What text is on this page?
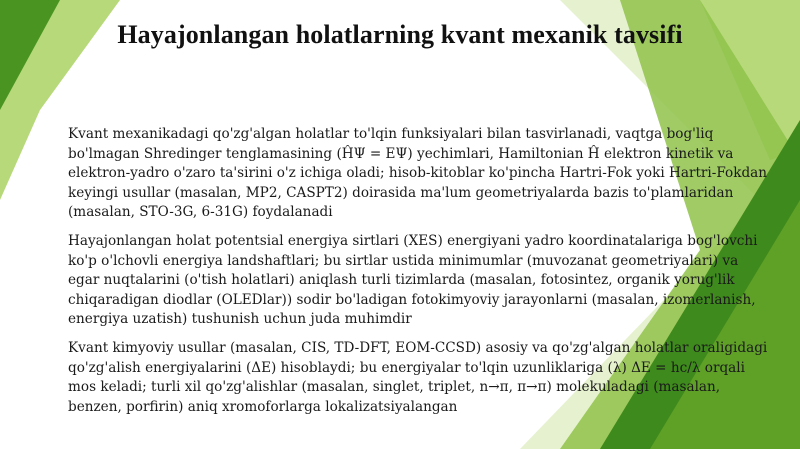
Hayajonlangan holatlarning kvant mexanik tavsifi

Kvant mexanikadagi qo'zg'algan holatlar to'lqin funksiyalari bilan tasvirlanadi, vaqtga bog'liq bo'lmagan Shredinger tenglamasining (ĤΨ = EΨ) yechimlari, Hamiltonian Ĥ elektron kinetik va elektron-yadro o'zaro ta'sirini o'z ichiga oladi; hisob-kitoblar ko'pincha Hartri-Fok yoki Hartri-Fokdan keyingi usullar (masalan, MP2, CASPT2) doirasida ma'lum geometriyalarda bazis to'plamlaridan (masalan, STO-3G, 6-31G) foydalanadi

Hayajonlangan holat potentsial energiya sirtlari (XES) energiyani yadro koordinatalariga bog'lovchi ko'p o'lchovli energiya landshaftlari; bu sirtlar ustida minimumlar (muvozanat geometriyalari) va egar nuqtalarini (o'tish holatlari) aniqlash turli tizimlarda (masalan, fotosintez, organik yorug'lik chiqaradigan diodlar (OLEDlar)) sodir bo'ladigan fotokimyoviy jarayonlarni (masalan, izomerlanish, energiya uzatish) tushunish uchun juda muhimdir

Kvant kimyoviy usullar (masalan, CIS, TD-DFT, EOM-CCSD) asosiy va qo'zg'algan holatlar oraligidagi qo'zg'alish energiyalarini (ΔE) hisoblaydi; bu energiyalar to'lqin uzunliklariga (λ) ΔE = hc/λ orqali mos keladi; turli xil qo'zg'alishlar (masalan, singlet, triplet, n→π, π→π) molekuladagi (masalan, benzen, porfirin) aniq xromoforlarga lokalizatsiyalangan
